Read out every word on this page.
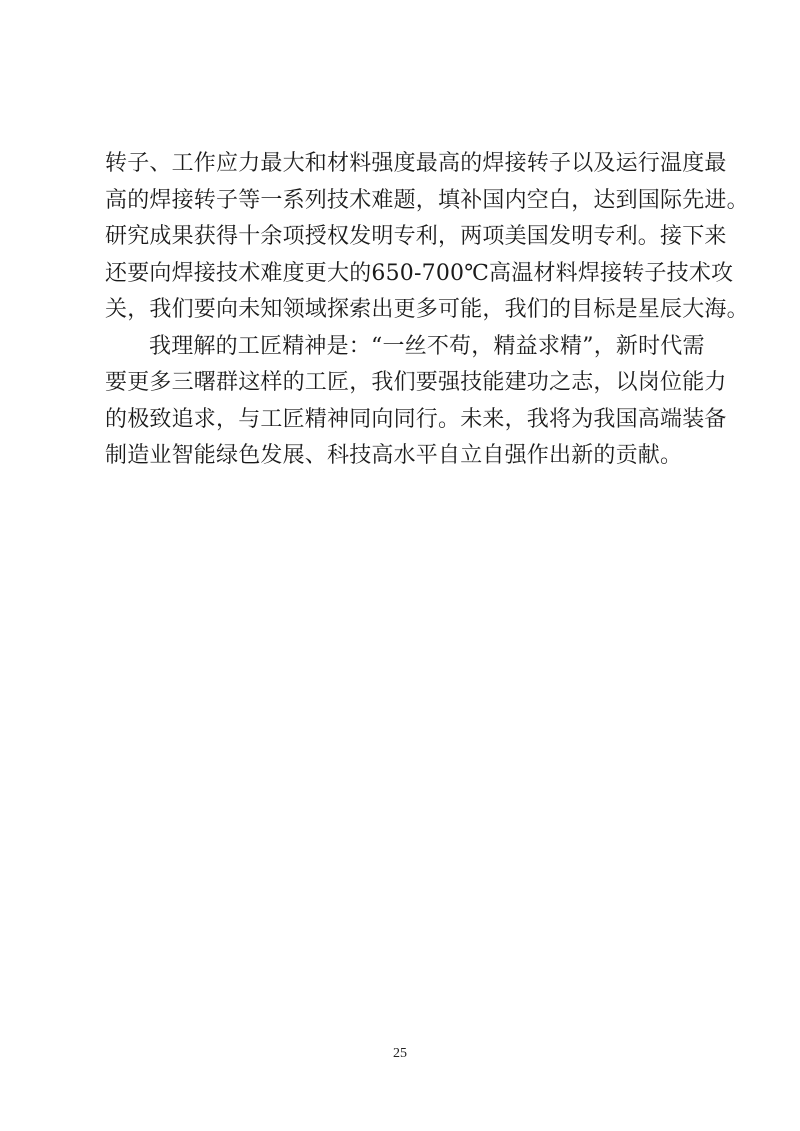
转子、工作应力最大和材料强度最高的焊接转子以及运行温度最
高的焊接转子等一系列技术难题，填补国内空白，达到国际先进。
研究成果获得十余项授权发明专利，两项美国发明专利。接下来
还要向焊接技术难度更大的650-700℃高温材料焊接转子技术攻
关，我们要向未知领域探索出更多可能，我们的目标是星辰大海。
我理解的工匠精神是：“一丝不苟，精益求精”，新时代需
要更多三曙群这样的工匠，我们要强技能建功之志，以岗位能力
的极致追求，与工匠精神同向同行。未来，我将为我国高端装备
制造业智能绿色发展、科技高水平自立自强作出新的贡献。
25
